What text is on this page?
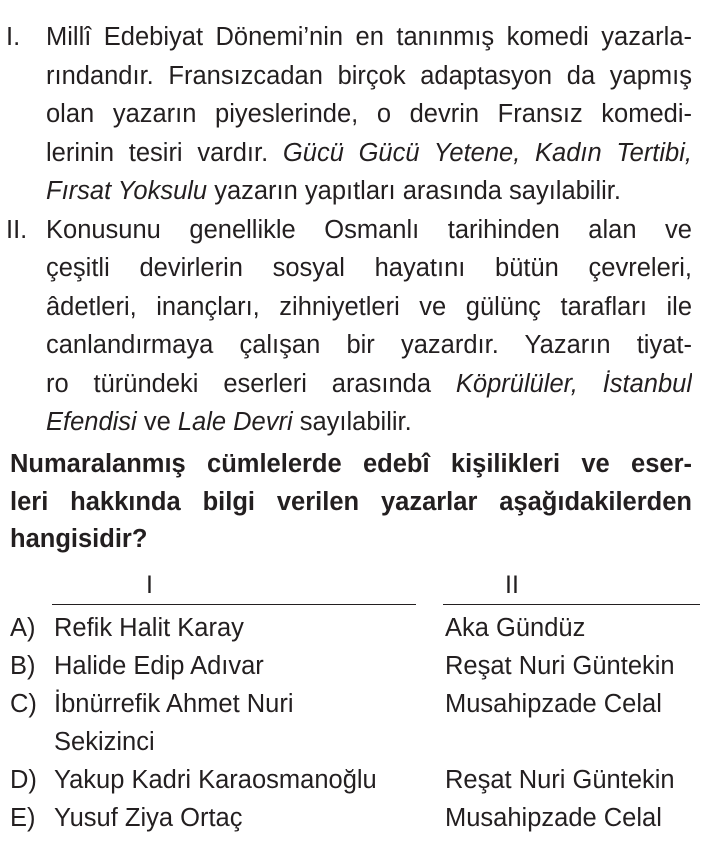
I. Millî Edebiyat Dönemi’nin en tanınmış komedi yazarla-
rındandır. Fransızcadan birçok adaptasyon da yapmış
olan yazarın piyeslerinde, o devrin Fransız komedi-
lerinin tesiri vardır. Gücü Gücü Yetene, Kadın Tertibi,
Fırsat Yoksulu yazarın yapıtları arasında sayılabilir.
II. Konusunu genellikle Osmanlı tarihinden alan ve
çeşitli devirlerin sosyal hayatını bütün çevreleri,
âdetleri, inançları, zihniyetleri ve gülünç tarafları ile
canlandırmaya çalışan bir yazardır. Yazarın tiyat-
ro türündeki eserleri arasında Köprülüler, İstanbul
Efendisi ve Lale Devri sayılabilir.
Numaralanmış cümlelerde edebî kişilikleri ve eser-
leri hakkında bilgi verilen yazarlar aşağıdakilerden
hangisidir?
I	II
A) Refik Halit Karay	Aka Gündüz
B) Halide Edip Adıvar	Reşat Nuri Güntekin
C) İbnürrefik Ahmet Nuri	Musahipzade Celal
Sekizinci
D) Yakup Kadri Karaosmanoğlu	Reşat Nuri Güntekin
E) Yusuf Ziya Ortaç	Musahipzade Celal
